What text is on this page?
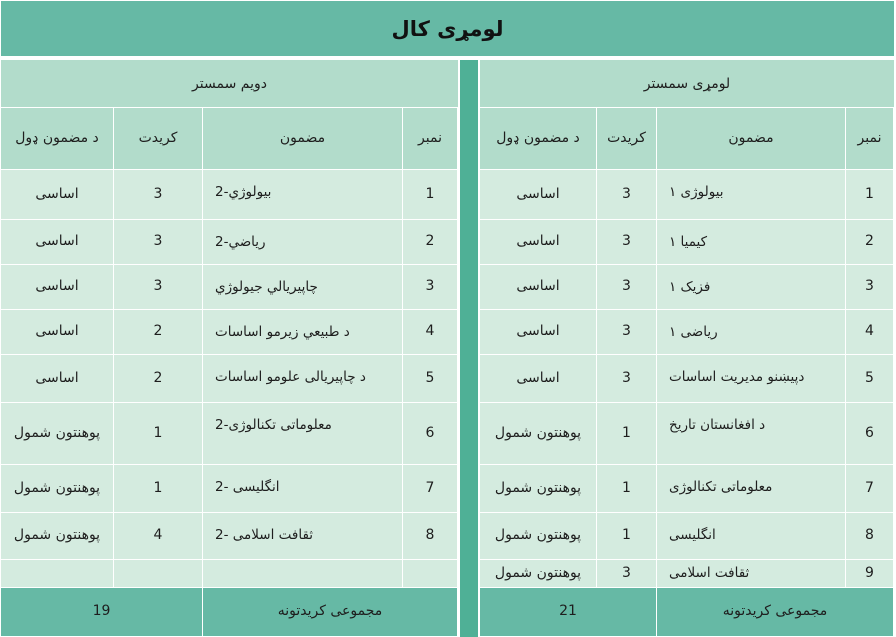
لومړی کال
لومړی سمستر
نمبر
مضمون
کریدت
د مضمون ډول
1
بیولوژی ۱
3
اساسی
2
کیمیا ۱
3
اساسی
3
فزیک ۱
3
اساسی
4
ریاضی ۱
3
اساسی
5
دپیښنو مدیریت اساسات
3
اساسی
6
د افغانستان تاریخ
1
پوهنتون شمول
7
معلوماتی تکنالوژی
1
پوهنتون شمول
8
انگلیسی
1
پوهنتون شمول
9
ثقافت اسلامی
3
پوهنتون شمول
21	مجموعی کریدتونه
دویم سمستر
نمبر
مضمون
کریدت
د مضمون ډول
1
بیولوژي-2
3
اساسی
2
رياضي-2
3
اساسی
3
چاپيريالي جيولوژي
3
اساسی
4
د طبیعي زیرمو اساسات
2
اساسی
5
د چاپيريالی علومو اساسات
2
اساسی
6
معلوماتی تکنالوژی-2
1
پوهنتون شمول
7
انگلیسی -2
1
پوهنتون شمول
8
ثقافت اسلامی -2
4
پوهنتون شمول
19	مجموعی کریدتونه
